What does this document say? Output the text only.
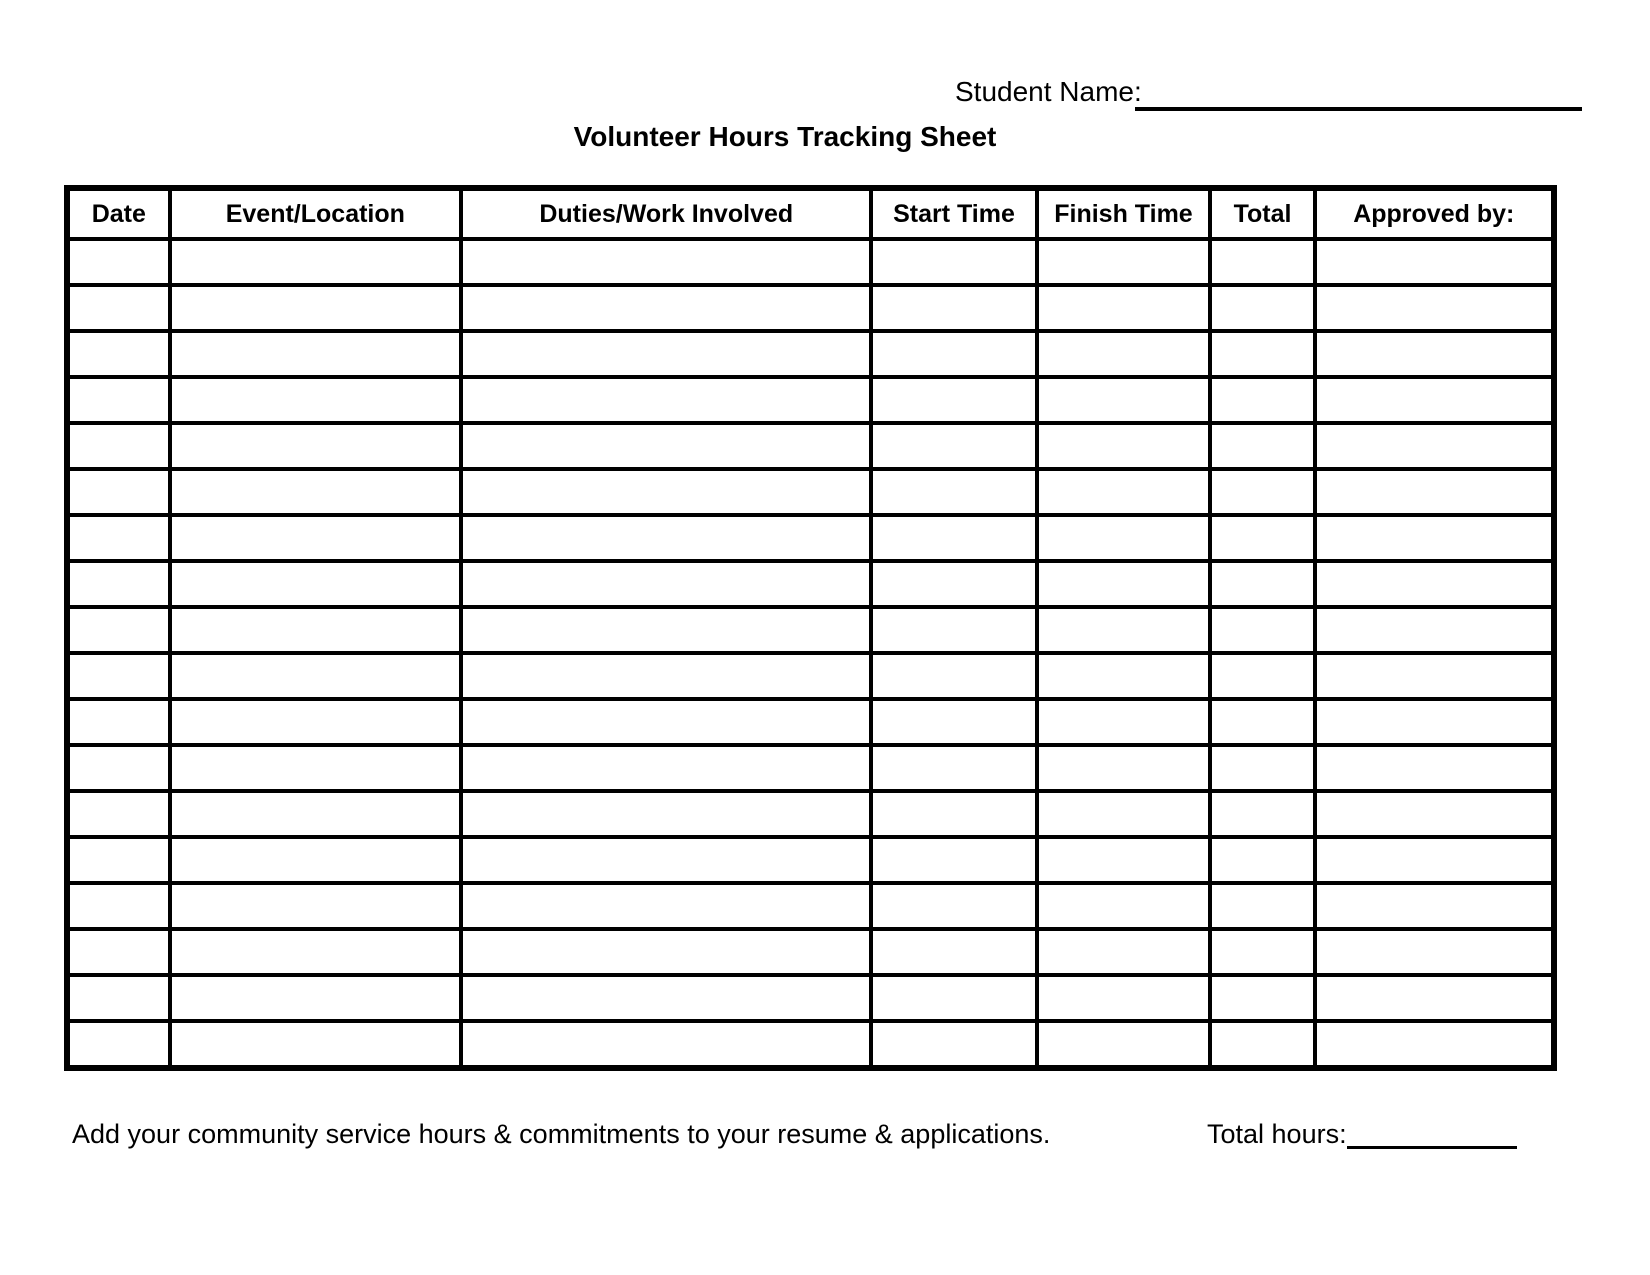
Student Name:
Volunteer Hours Tracking Sheet
Date	Event/Location	Duties/Work Involved	Start Time	Finish Time	Total	Approved by:

Add your community service hours & commitments to your resume & applications.	Total hours:
